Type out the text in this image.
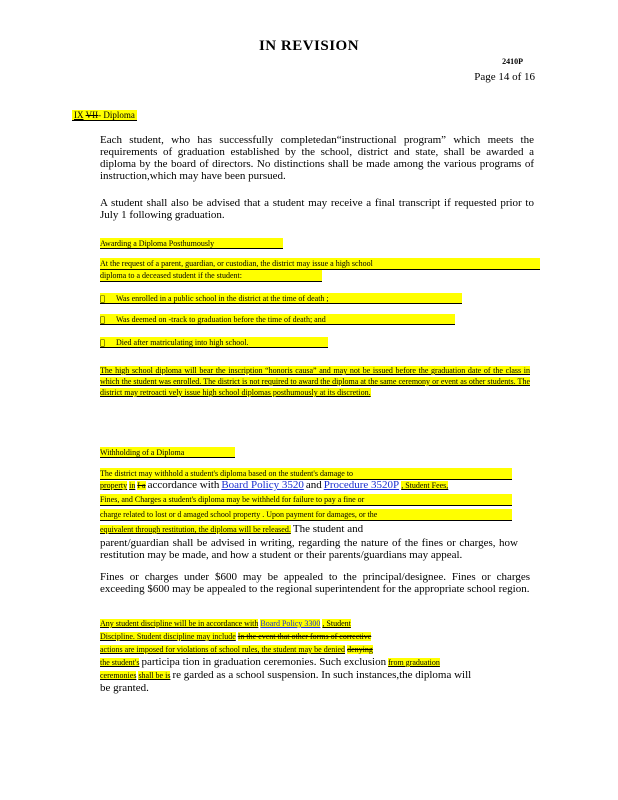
IN REVISION
2410P
Page 14 of 16
IX VII- Diploma
Each student, who has successfully completedan“instructional program” which meets the requirements of graduation established by the school, district and state, shall be awarded a diploma by the board of directors. No distinctions shall be made among the various programs of instruction,which may have been pursued.
A student shall also be advised that a student may receive a final transcript if requested prior to July 1 following graduation.
Awarding a Diploma Posthumously
At the request of a parent, guardian, or custodian, the district may issue a high school
diploma to a deceased student if the student:
Was enrolled in a public school in the district at the time of death ;
Was deemed on -track to graduation before the time of death; and
Died after matriculating into high school.
The high school diploma will bear the inscription “honoris causa” and may not be issued before the graduation date of the class in which the student was enrolled. The district is not required to award the diploma at the same ceremony or event as other students. The district may retroacti vely issue high school diplomas posthumously at its discretion.
Withholding of a Diploma
The district may withhold a student's diploma based on the student's damage to
property in I a accordance with Board Policy 3520 and Procedure 3520P , Student Fees,
Fines, and Charges a student's diploma may be withheld for failure to pay a fine or
charge related to lost or d amaged school property . Upon payment for damages, or the
equivalent through restitution, the diploma will be released. The student and
parent/guardian shall be advised in writing, regarding the nature of the fines or charges, how restitution may be made, and how a student or their parents/guardians may appeal.
Fines or charges under $600 may be appealed to the principal/designee. Fines or charges exceeding $600 may be appealed to the regional superintendent for the appropriate school region.
Any student discipline will be in accordance with Board Policy 3300 , Student
Discipline. Student discipline may include In the event that other forms of corrective
actions are imposed for violations of school rules, the student may be denied denying
the student's participa tion in graduation ceremonies. Such exclusion from graduation
ceremonies shall be is re garded as a school suspension. In such instances,the diploma will
be granted.
